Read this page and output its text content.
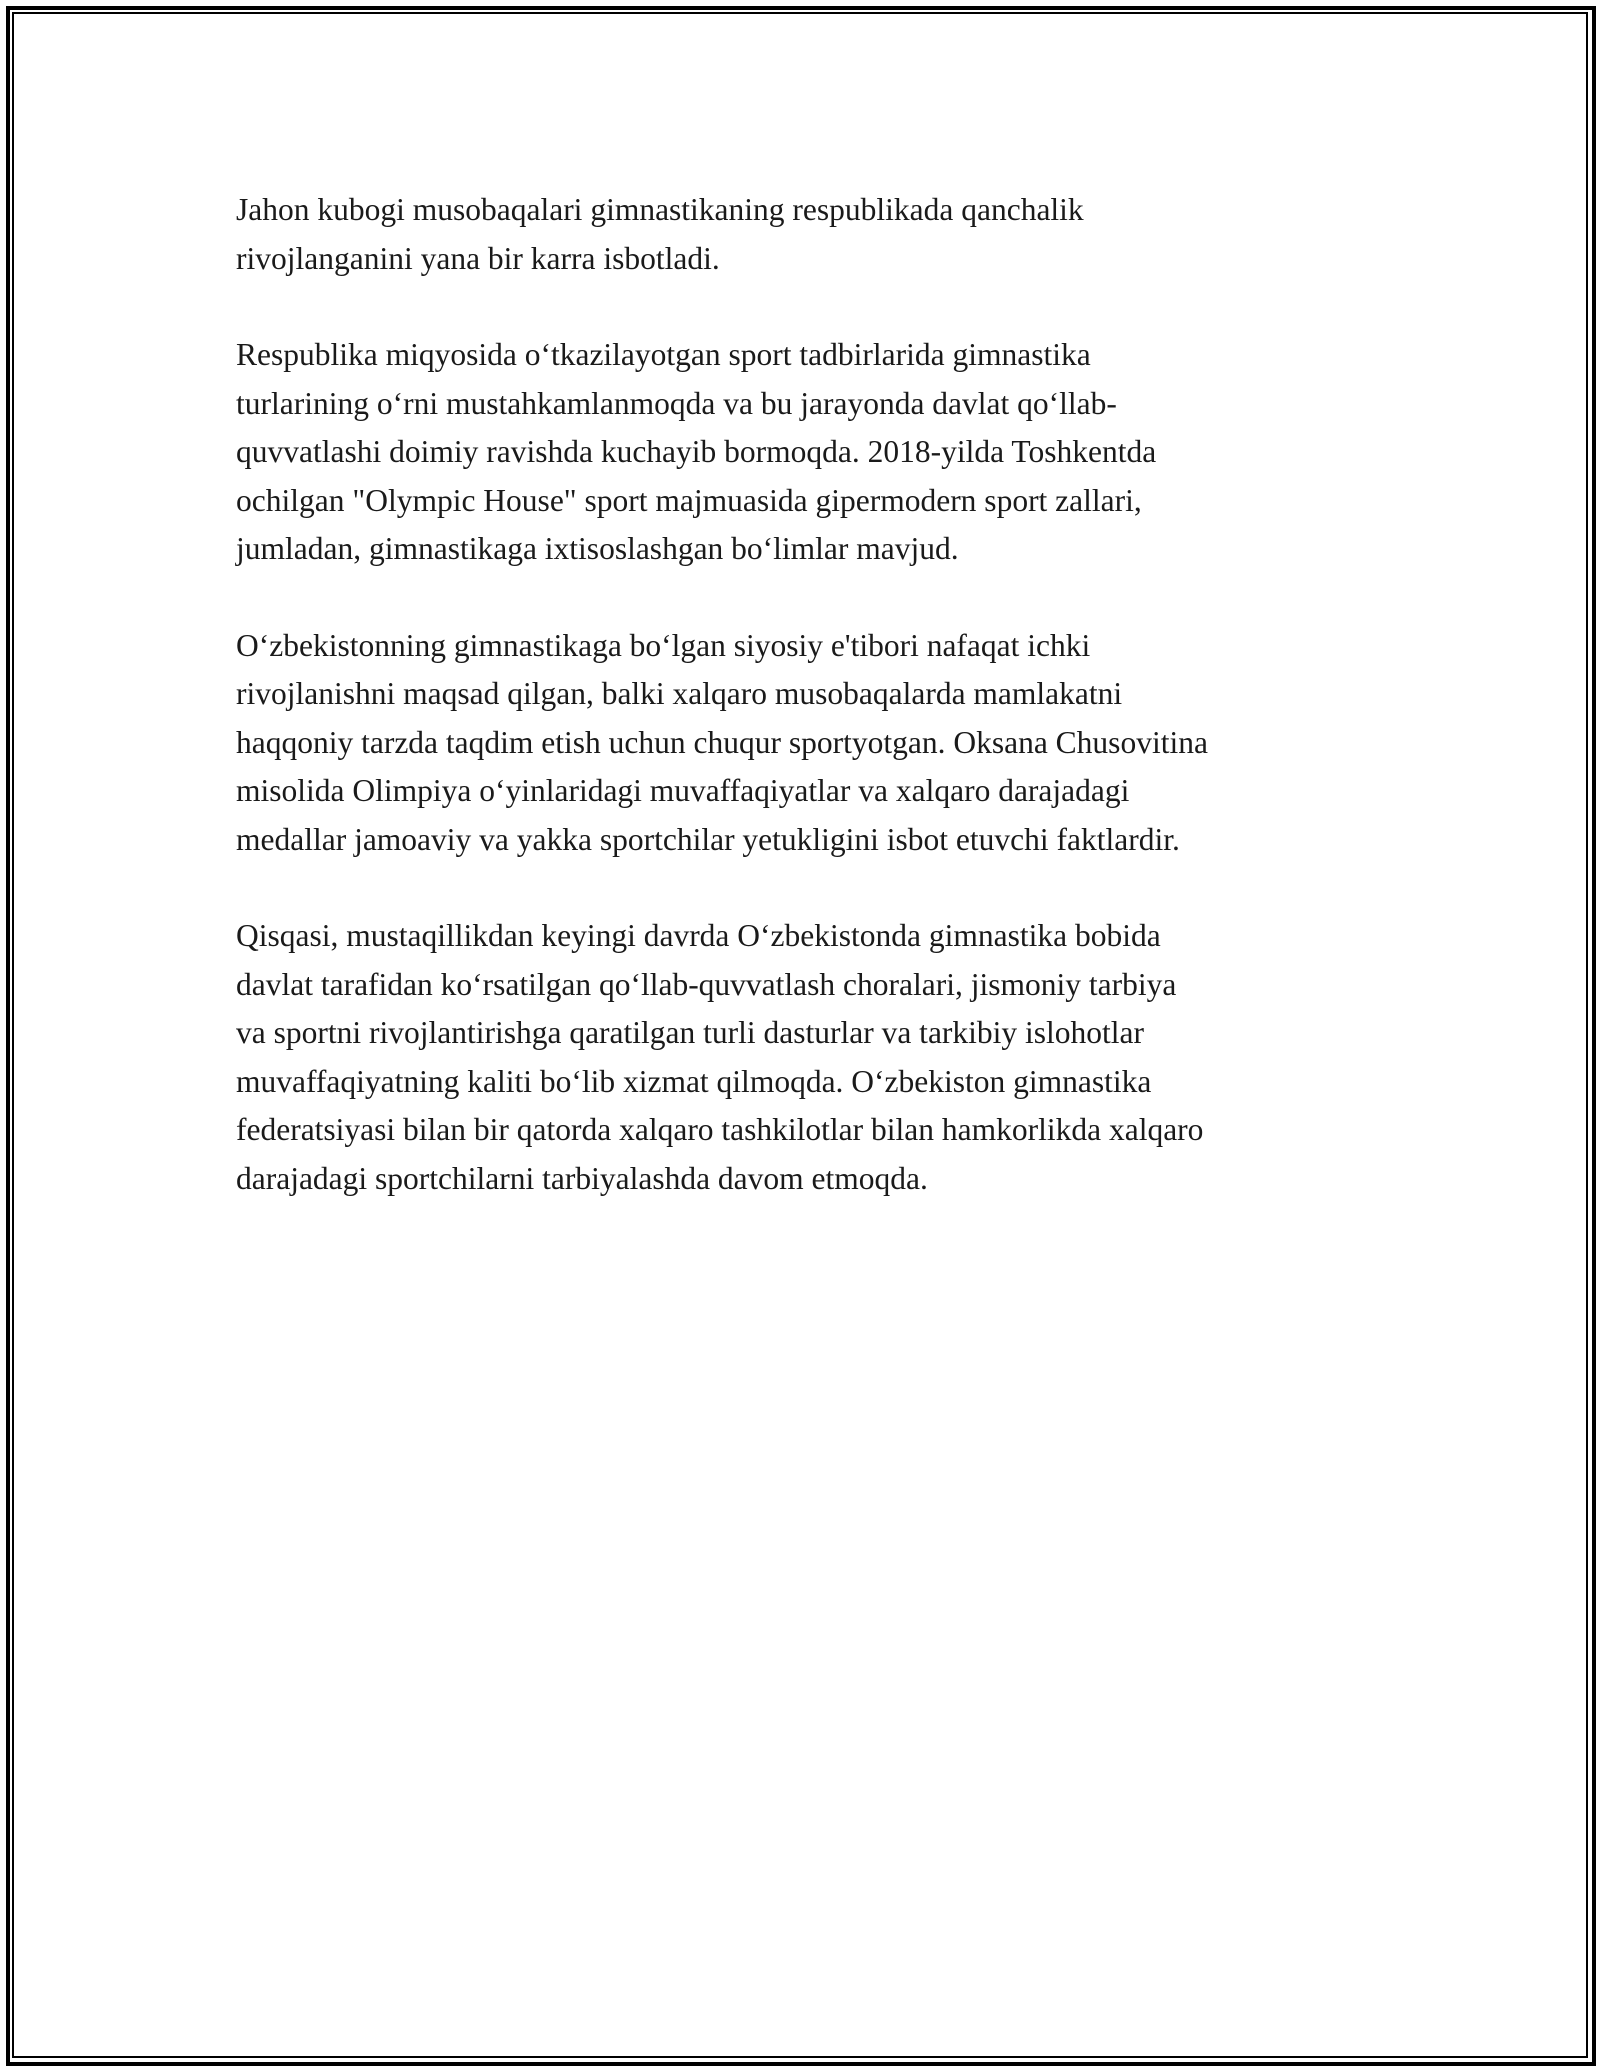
Jahon kubogi musobaqalari gimnastikaning respublikada qanchalik
rivojlanganini yana bir karra isbotladi.

Respublika miqyosida o‘tkazilayotgan sport tadbirlarida gimnastika
turlarining o‘rni mustahkamlanmoqda va bu jarayonda davlat qo‘llab-
quvvatlashi doimiy ravishda kuchayib bormoqda. 2018-yilda Toshkentda
ochilgan "Olympic House" sport majmuasida gipermodern sport zallari,
jumladan, gimnastikaga ixtisoslashgan bo‘limlar mavjud.

O‘zbekistonning gimnastikaga bo‘lgan siyosiy e'tibori nafaqat ichki
rivojlanishni maqsad qilgan, balki xalqaro musobaqalarda mamlakatni
haqqoniy tarzda taqdim etish uchun chuqur sportyotgan. Oksana Chusovitina
misolida Olimpiya o‘yinlaridagi muvaffaqiyatlar va xalqaro darajadagi
medallar jamoaviy va yakka sportchilar yetukligini isbot etuvchi faktlardir.

Qisqasi, mustaqillikdan keyingi davrda O‘zbekistonda gimnastika bobida
davlat tarafidan ko‘rsatilgan qo‘llab-quvvatlash choralari, jismoniy tarbiya
va sportni rivojlantirishga qaratilgan turli dasturlar va tarkibiy islohotlar
muvaffaqiyatning kaliti bo‘lib xizmat qilmoqda. O‘zbekiston gimnastika
federatsiyasi bilan bir qatorda xalqaro tashkilotlar bilan hamkorlikda xalqaro
darajadagi sportchilarni tarbiyalashda davom etmoqda.
